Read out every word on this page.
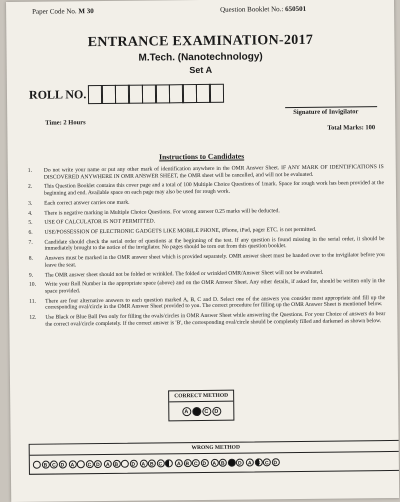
Paper Code No. M 30	Question Booklet No.: 650501
ENTRANCE EXAMINATION-2017
M.Tech. (Nanotechnology)
Set A
ROLL NO.
Signature of Invigilator
Time: 2 Hours
Total Marks: 100
Instructions to Candidates
1. Do not write your name or put any other mark of identification anywhere in the OMR Answer Sheet. IF ANY MARK OF IDENTIFICATIONS IS DISCOVERED ANYWHERE IN OMR ANSWER SHEET, the OMR sheet will be cancelled, and will not be evaluated.
2. This Question Booklet contains this cover page and a total of 100 Multiple Choice Questions of 1mark. Space for rough work has been provided at the beginning and end. Available space on each page may also be used for rough work.
3. Each correct answer carries one mark.
4. There is negative marking in Multiple Choice Questions. For wrong answer 0.25 marks will be deducted.
5. USE OF CALCULATOR IS NOT PERMITTED.
6. USE/POSSESSION OF ELECTRONIC GADGETS LIKE MOBILE PHONE, iPhone, iPad, pager ETC. is not permitted.
7. Candidate should check the serial order of questions at the beginning of the test. If any question is found missing in the serial order, it should be immediately brought to the notice of the invigilator. No pages should be torn out from this question booklet.
8. Answers must be marked in the OMR answer sheet which is provided separately. OMR answer sheet must be handed over to the invigilator before you leave the seat.
9. The OMR answer sheet should not be folded or wrinkled. The folded or wrinkled OMR/Answer Sheet will not be evaluated.
10. Write your Roll Number in the appropriate space (above) and on the OMR Answer Sheet. Any other details, if asked for, should be written only in the space provided.
11. There are four alternative answers to each question marked A, B, C and D. Select one of the answers you consider most appropriate and fill up the corresponding oval/circle in the OMR Answer Sheet provided to you. The correct procedure for filling up the OMR Answer Sheet is mentioned below.
12. Use Black or Blue Ball Pen only for filling the ovals/circles in OMR Answer Sheet while answering the Questions. For your Choice of answers do bear the correct oval/circle completely. If the correct answer is 'B', the corresponding oval/circle should be completely filled and darkened as shown below.
CORRECT METHOD
A	B	C	D
WRONG METHOD
B C D	A	C D	A B	D	A B C	A B C D	A B C D	A B C D
